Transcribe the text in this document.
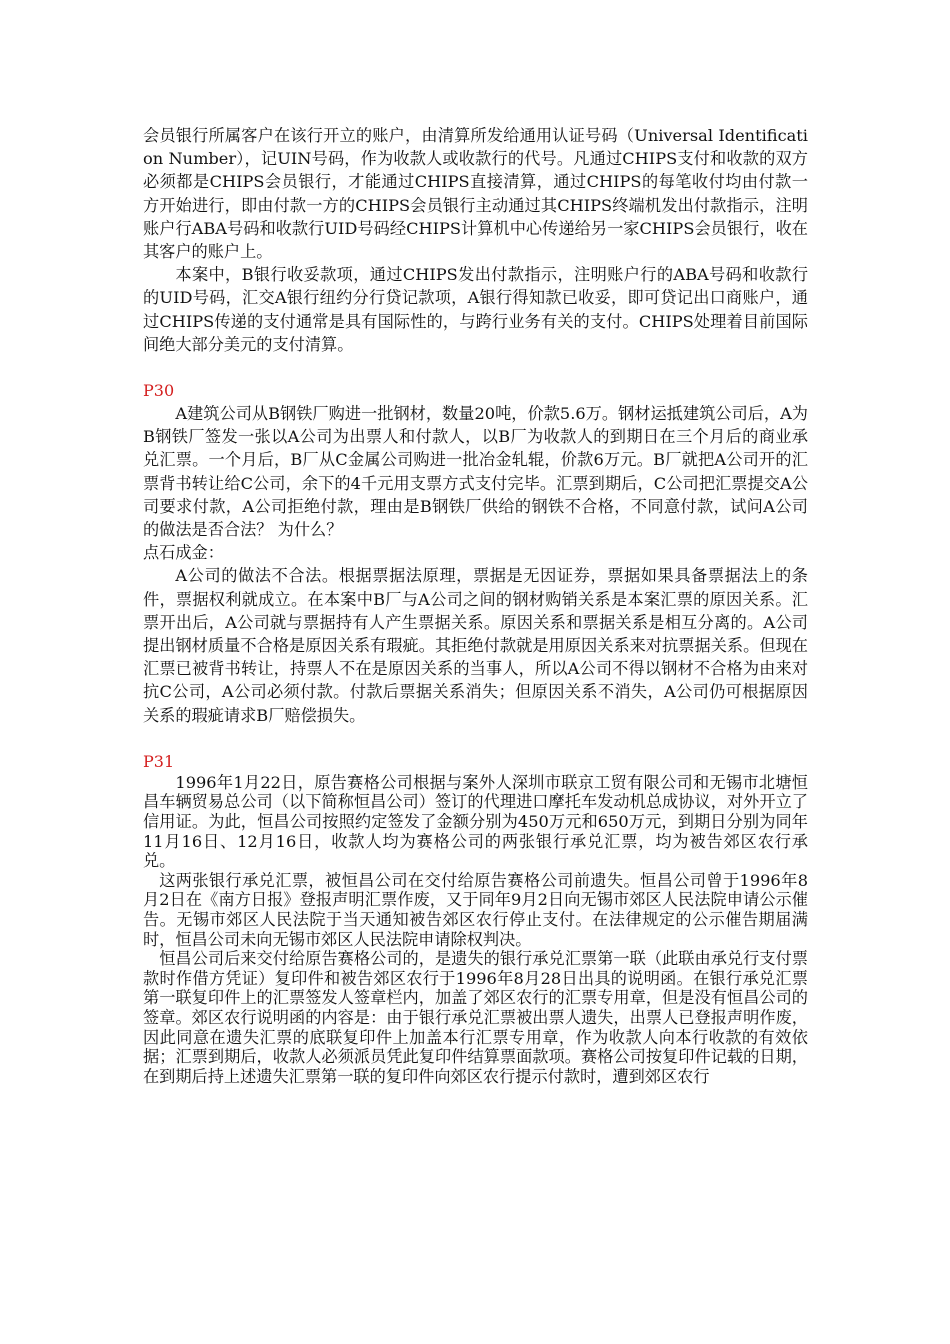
会员银行所属客户在该行开立的账户，由清算所发给通用认证号码（Universal Identification Number），记UIN号码，作为收款人或收款行的代号。凡通过CHIPS支付和收款的双方必须都是CHIPS会员银行，才能通过CHIPS直接清算，通过CHIPS的每笔收付均由付款一方开始进行，即由付款一方的CHIPS会员银行主动通过其CHIPS终端机发出付款指示，注明账户行ABA号码和收款行UID号码经CHIPS计算机中心传递给另一家CHIPS会员银行，收在其客户的账户上。

本案中，B银行收妥款项，通过CHIPS发出付款指示，注明账户行的ABA号码和收款行的UID号码，汇交A银行纽约分行贷记款项，A银行得知款已收妥，即可贷记出口商账户，通过CHIPS传递的支付通常是具有国际性的，与跨行业务有关的支付。CHIPS处理着目前国际间绝大部分美元的支付清算。

P30

A建筑公司从B钢铁厂购进一批钢材，数量20吨，价款5.6万。钢材运抵建筑公司后，A为B钢铁厂签发一张以A公司为出票人和付款人，以B厂为收款人的到期日在三个月后的商业承兑汇票。一个月后，B厂从C金属公司购进一批冶金轧辊，价款6万元。B厂就把A公司开的汇票背书转让给C公司，余下的4千元用支票方式支付完毕。汇票到期后，C公司把汇票提交A公司要求付款，A公司拒绝付款，理由是B钢铁厂供给的钢铁不合格，不同意付款，试问A公司的做法是否合法？ 为什么？

点石成金：

A公司的做法不合法。根据票据法原理，票据是无因证券，票据如果具备票据法上的条件，票据权利就成立。在本案中B厂与A公司之间的钢材购销关系是本案汇票的原因关系。汇票开出后，A公司就与票据持有人产生票据关系。原因关系和票据关系是相互分离的。A公司提出钢材质量不合格是原因关系有瑕疵。其拒绝付款就是用原因关系来对抗票据关系。但现在汇票已被背书转让，持票人不在是原因关系的当事人，所以A公司不得以钢材不合格为由来对抗C公司，A公司必须付款。付款后票据关系消失；但原因关系不消失，A公司仍可根据原因关系的瑕疵请求B厂赔偿损失。

P31

1996年1月22日，原告赛格公司根据与案外人深圳市联京工贸有限公司和无锡市北塘恒昌车辆贸易总公司（以下简称恒昌公司）签订的代理进口摩托车发动机总成协议，对外开立了信用证。为此，恒昌公司按照约定签发了金额分别为450万元和650万元，到期日分别为同年11月16日、12月16日，收款人均为赛格公司的两张银行承兑汇票，均为被告郊区农行承兑。

这两张银行承兑汇票，被恒昌公司在交付给原告赛格公司前遗失。恒昌公司曾于1996年8月2日在《南方日报》登报声明汇票作废，又于同年9月2日向无锡市郊区人民法院申请公示催告。无锡市郊区人民法院于当天通知被告郊区农行停止支付。在法律规定的公示催告期届满时，恒昌公司未向无锡市郊区人民法院申请除权判决。

恒昌公司后来交付给原告赛格公司的，是遗失的银行承兑汇票第一联（此联由承兑行支付票款时作借方凭证）复印件和被告郊区农行于1996年8月28日出具的说明函。在银行承兑汇票第一联复印件上的汇票签发人签章栏内，加盖了郊区农行的汇票专用章，但是没有恒昌公司的签章。郊区农行说明函的内容是：由于银行承兑汇票被出票人遗失，出票人已登报声明作废，因此同意在遗失汇票的底联复印件上加盖本行汇票专用章，作为收款人向本行收款的有效依据；汇票到期后，收款人必须派员凭此复印件结算票面款项。赛格公司按复印件记载的日期，在到期后持上述遗失汇票第一联的复印件向郊区农行提示付款时，遭到郊区农行
